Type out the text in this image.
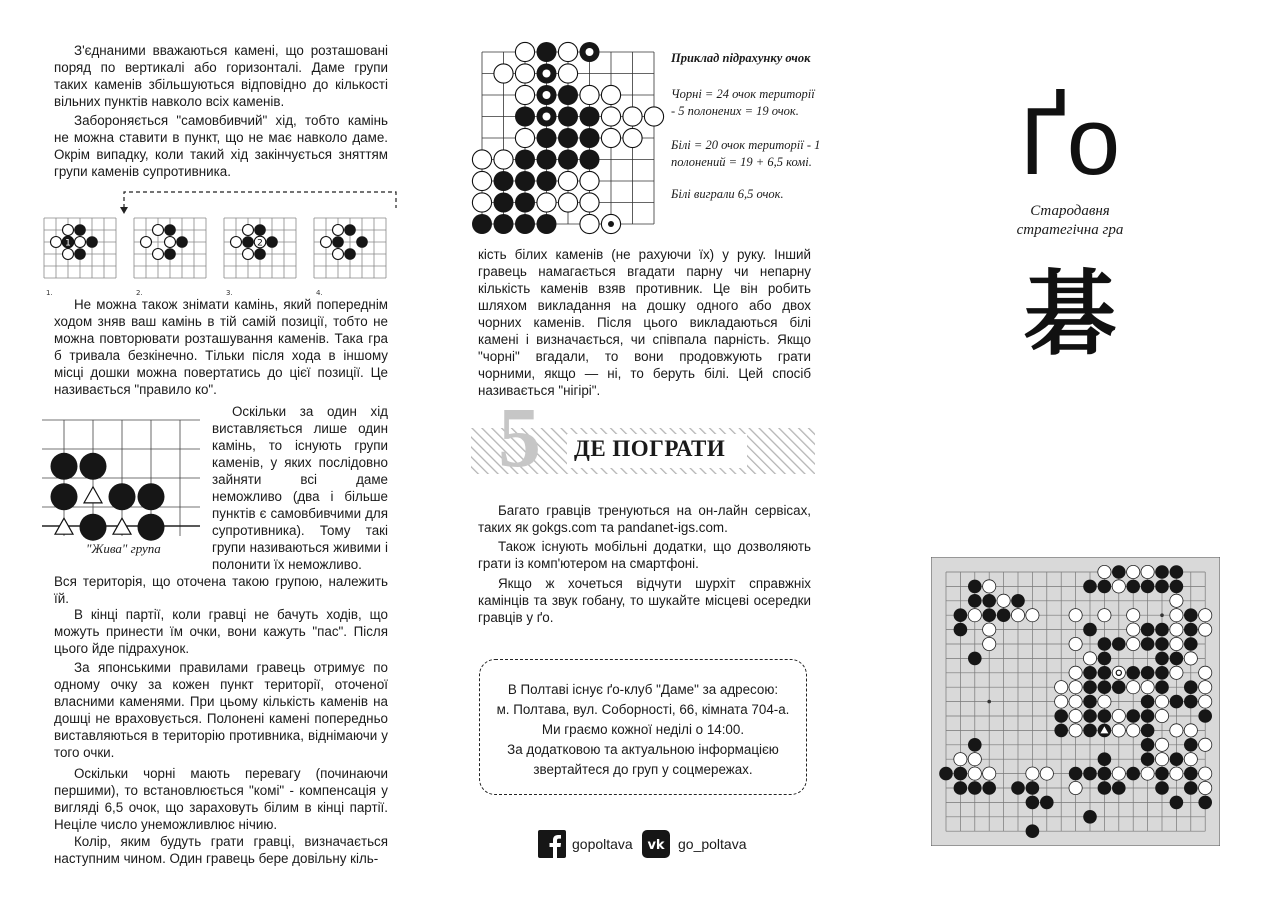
З'єднаними вважаються камені, що розташовані поряд по вертикалі або горизонталі. Даме групи таких каменів збільшуються відповідно до кількості вільних пунктів навколо всіх каменів.

Забороняється "самовбивчий" хід, тобто камінь не можна ставити в пункт, що не має навколо даме. Окрім випадку, коли такий хід закінчується зняттям групи каменів супротивника.

1
1.	2.
2
3.	4.

Не можна також знімати камінь, який попереднім ходом зняв ваш камінь в тій самій позиції, тобто не можна повторювати розташування каменів. Така гра б тривала безкінечно. Тільки після хода в іншому місці дошки можна повертатись до цієї позиції. Це називається "правило ко".

"Жива" група

Оскільки за один хід виставляється лише один камінь, то існують групи каменів, у яких послідовно зайняти всі даме неможливо (два і більше пунктів є самовбивчими для супротивника). Тому такі групи називаються живими і полонити їх неможливо.

Вся територія, що оточена такою групою, належить їй.

В кінці партії, коли гравці не бачуть ходів, що можуть принести їм очки, вони кажуть "пас". Після цього йде підрахунок.

За японськими правилами гравець отримує по одному очку за кожен пункт території, оточеної власними каменями. При цьому кількість каменів на дошці не враховується. Полонені камені попередньо виставляються в територію противника, віднімаючи у того очки.

Оскільки чорні мають перевагу (починаючи першими), то встановлюється "комі" - компенсація у вигляді 6,5 очок, що зараховуть білим в кінці партії. Неціле число унеможливлює нічию.

Колір, яким будуть грати гравці, визначається наступним чином. Один гравець бере довільну кіль-

Приклад підрахунку очок
Чорні = 24 очок території - 5 полонених = 19 очок.
Білі = 20 очок території - 1 полонений = 19 + 6,5 комі.
Білі виграли 6,5 очок.

кість білих каменів (не рахуючи їх) у руку. Інший гравець намагається вгадати парну чи непарну кількість каменів взяв противник. Це він робить шляхом викладання на дошку одного або двох чорних каменів. Після цього викладаються білі камені і визначається, чи співпала парність. Якщо "чорні" вгадали, то вони продовжують грати чорними, якщо — ні, то беруть білі. Цей спосіб називається "нігірі".

5 ДЕ ПОГРАТИ

Багато гравців тренуються на он-лайн сервісах, таких як gokgs.com та pandanet-igs.com.

Також існують мобільні додатки, що дозволяють грати із комп'ютером на смартфоні.

Якщо ж хочеться відчути шурхіт справжніх камінців та звук гобану, то шукайте місцеві осередки гравців у ґо.

В Полтаві існує ґо-клуб "Даме" за адресою:
м. Полтава, вул. Соборності, 66, кімната 704-а.
Ми граємо кожної неділі о 14:00.
За додатковою та актуальною інформацією
звертайтеся до груп у соцмережах.
gopoltava vk go_poltava
Ґо
Стародавня
стратегічна гра
碁
